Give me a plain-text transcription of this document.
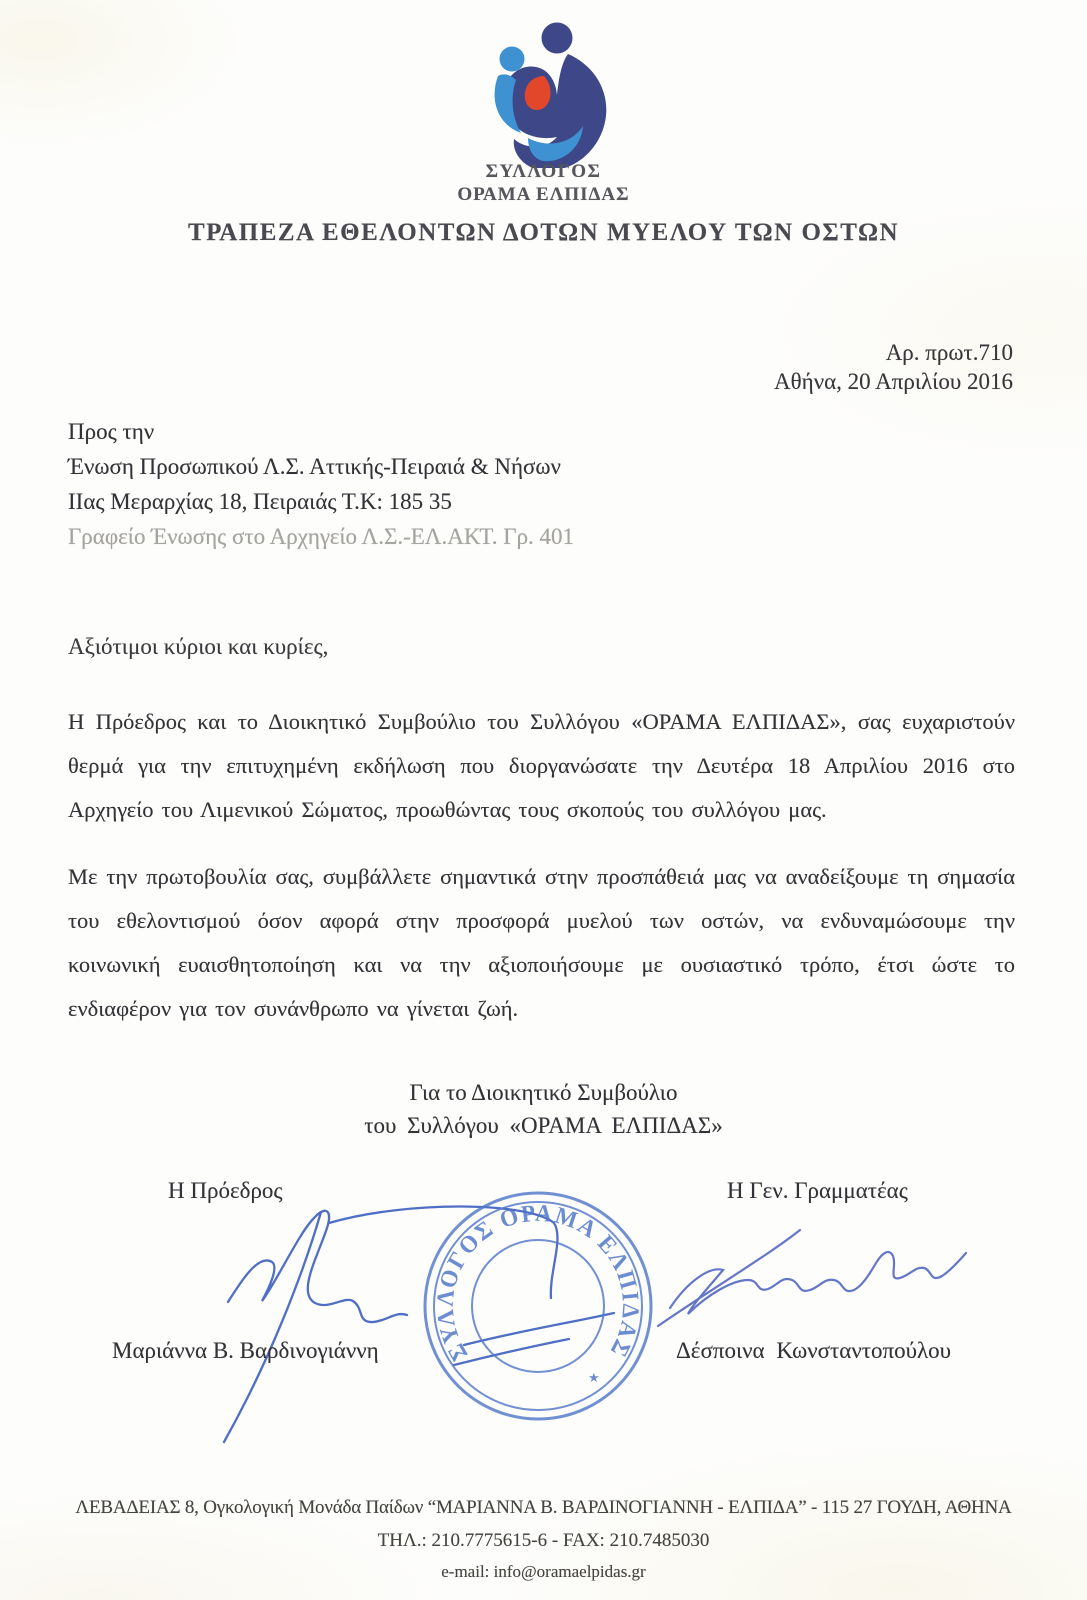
ΣΥΛΛΟΓΟΣ
ΟΡΑΜΑ ΕΛΠΙΔΑΣ
ΤΡΑΠΕΖΑ ΕΘΕΛΟΝΤΩΝ ΔΟΤΩΝ ΜΥΕΛΟΥ ΤΩΝ ΟΣΤΩΝ
Αρ. πρωτ.710
Αθήνα, 20 Απριλίου 2016
Προς την
Ένωση Προσωπικού Λ.Σ. Αττικής-Πειραιά & Νήσων
ΙΙας Μεραρχίας 18, Πειραιάς Τ.Κ: 185 35
Γραφείο Ένωσης στο Αρχηγείο Λ.Σ.-ΕΛ.ΑΚΤ. Γρ. 401
Αξιότιμοι κύριοι και κυρίες,

Η Πρόεδρος και το Διοικητικό Συμβούλιο του Συλλόγου «ΟΡΑΜΑ ΕΛΠΙΔΑΣ», σας ευχαριστούν θερμά για την επιτυχημένη εκδήλωση που διοργανώσατε την Δευτέρα 18 Απριλίου 2016 στο Αρχηγείο του Λιμενικού Σώματος, προωθώντας τους σκοπούς του συλλόγου μας.

Με την πρωτοβουλία σας, συμβάλλετε σημαντικά στην προσπάθειά μας να αναδείξουμε τη σημασία του εθελοντισμού όσον αφορά στην προσφορά μυελού των οστών, να ενδυναμώσουμε την κοινωνική ευαισθητοποίηση και να την αξιοποιήσουμε με ουσιαστικό τρόπο, έτσι ώστε το ενδιαφέρον για τον συνάνθρωπο να γίνεται ζωή.

Για το Διοικητικό Συμβούλιο
του Συλλόγου «ΟΡΑΜΑ ΕΛΠΙΔΑΣ»
Η Πρόεδρος	Η Γεν. Γραμματέας
ΣΥΛΛΟΓΟΣ ΟΡΑΜΑ ΕΛΠΙΔΑΣ
★
Μαριάννα Β. Βαρδινογιάννη	Δέσποινα Κωνσταντοπούλου
ΛΕΒΑΔΕΙΑΣ 8, Ογκολογική Μονάδα Παίδων “ΜΑΡΙΑΝΝΑ Β. ΒΑΡΔΙΝΟΓΙΑΝΝΗ - ΕΛΠΙΔΑ” - 115 27 ΓΟΥΔΗ, ΑΘΗΝΑ
ΤΗΛ.: 210.7775615-6 - FAX: 210.7485030
e-mail: info@oramaelpidas.gr
